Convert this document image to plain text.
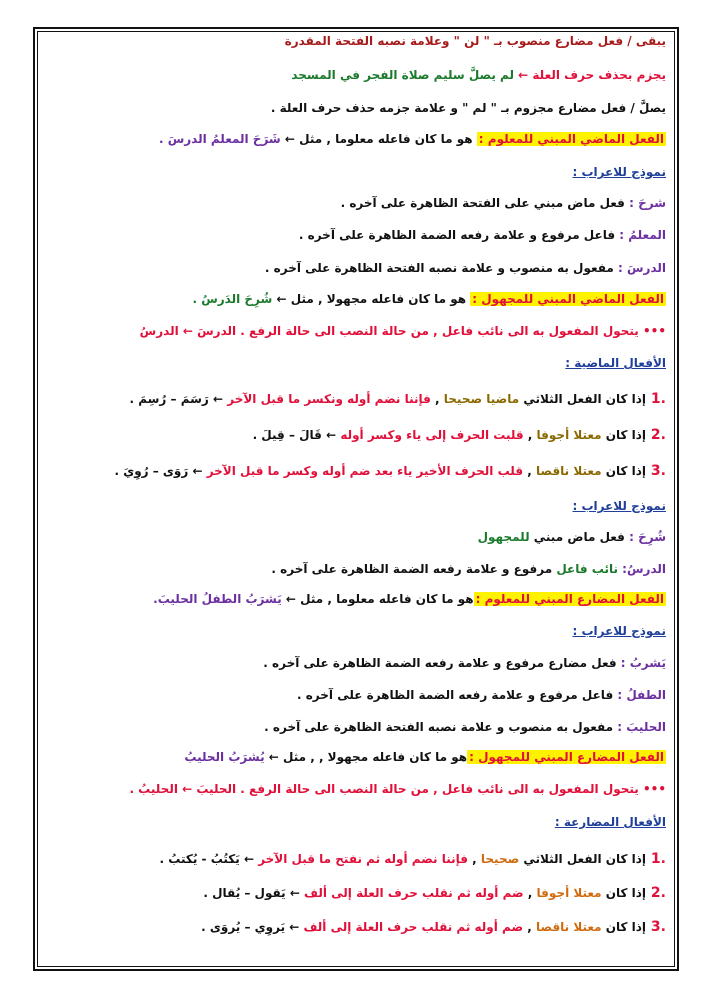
يبقى / فعل مضارع منصوب بـ " لن " وعلامة نصبه الفتحة المقدرة
يجزم بحذف حرف العلة ← لم يصلَّ سليم صلاة الفجر في المسجد
يصلَّ / فعل مضارع مجزوم بـ " لم " و علامة جزمه حذف حرف العلة .
الفعل الماضي المبني للمعلوم : هو ما كان فاعله معلوما , مثل ← شَرَحَ المعلمُ الدرسَ .
نموذج للاعراب :
شرحَ : فعل ماض مبني على الفتحة الظاهرة على آخره .
المعلمُ : فاعل مرفوع و علامة رفعه الضمة الظاهرة على آخره .
الدرسَ : مفعول به منصوب و علامة نصبه الفتحة الظاهرة على آخره .
الفعل الماضي المبني للمجهول : هو ما كان فاعله مجهولا , مثل ← شُرِحَ الدَرسُ .
••• يتحول المفعول به الى نائب فاعل , من حالة النصب الى حالة الرفع . الدرسَ ← الدرسُ
الأفعال الماضية :
.1 إذا كان الفعل الثلاثي ماضيا صحيحا , فإننا نضم أوله ونكسر ما قبل الآخر ← رَسَمَ – رُسِمَ .
.2 إذا كان معتلا أجوفا , قلبت الحرف إلى ياء وكسر أوله ← قَالَ – قِيلَ .
.3 إذا كان معتلا ناقصا , قلب الحرف الأخير ياء بعد ضم أوله وكسر ما قبل الآخر ← رَوَى – رُوِيَ .
نموذج للاعراب :
شُرِحَ : فعل ماض مبني للمجهول
الدرسُ: نائب فاعل مرفوع و علامة رفعه الضمة الظاهرة على آخره .
الفعل المضارع المبني للمعلوم :هو ما كان فاعله معلوما , مثل ← يَشرَبُ الطفلُ الحليبَ.
نموذج للاعراب :
يَشربُ : فعل مضارع مرفوع و علامة رفعه الضمة الظاهرة على آخره .
الطفلُ : فاعل مرفوع و علامة رفعه الضمة الظاهرة على آخره .
الحليبَ : مفعول به منصوب و علامة نصبه الفتحة الظاهرة على آخره .
الفعل المضارع المبني للمجهول :هو ما كان فاعله مجهولا , , مثل ← يُشرَبُ الحليبُ
••• يتحول المفعول به الى نائب فاعل , من حالة النصب الى حالة الرفع . الحليبَ ← الحليبُ .
الأفعال المضارعة :
.1 إذا كان الفعل الثلاثي صحيحا , فإننا نضم أوله ثم نفتح ما قبل الآخر ← يَكتُبُ - يُكتبُ .
.2 إذا كان معتلا أجوفا , ضم أوله ثم نقلب حرف العلة إلى ألف ← يَقول – يُقال .
.3 إذا كان معتلا ناقصا , ضم أوله ثم نقلب حرف العلة إلى ألف ← يَروِي – يُروَى .
